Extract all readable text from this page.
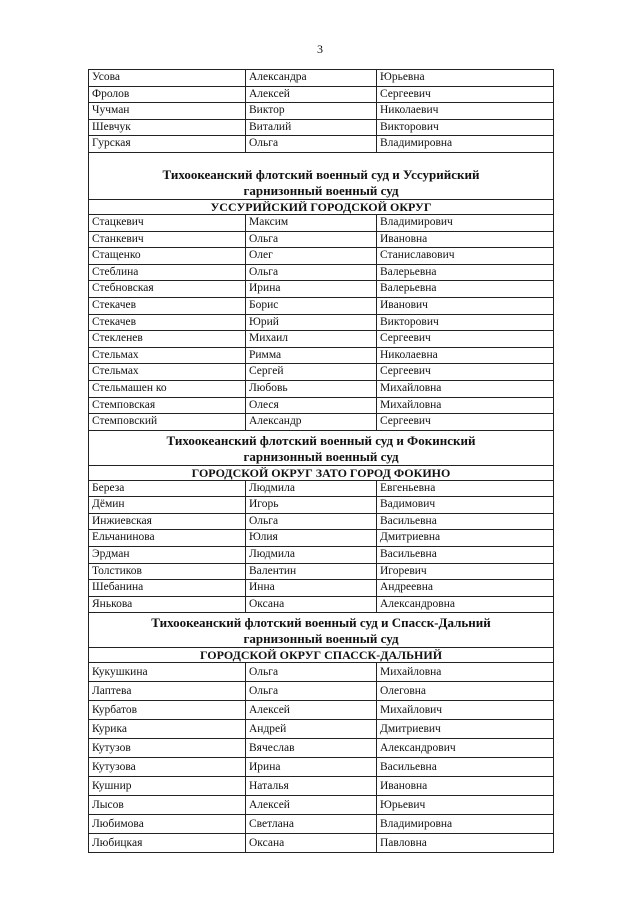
3
Усова	Александра	Юрьевна
Фролов	Алексей	Сергеевич
Чучман	Виктор	Николаевич
Шевчук	Виталий	Викторович
Гурская	Ольга	Владимировна
Тихоокеанский флотский военный суд и Уссурийский
гарнизонный военный суд
УССУРИЙСКИЙ ГОРОДСКОЙ ОКРУГ
Стацкевич	Максим	Владимирович
Станкевич	Ольга	Ивановна
Стащенко	Олег	Станиславович
Стеблина	Ольга	Валерьевна
Стебновская	Ирина	Валерьевна
Стекачев	Борис	Иванович
Стекачев	Юрий	Викторович
Стекленев	Михаил	Сергеевич
Стельмах	Римма	Николаевна
Стельмах	Сергей	Сергеевич
Стельмашен ко	Любовь	Михайловна
Стемповская	Олеся	Михайловна
Стемповский	Александр	Сергеевич
Тихоокеанский флотский военный суд и Фокинский
гарнизонный военный суд
ГОРОДСКОЙ ОКРУГ ЗАТО ГОРОД ФОКИНО
Береза	Людмила	Евгеньевна
Дёмин	Игорь	Вадимович
Инжиевская	Ольга	Васильевна
Ельчанинова	Юлия	Дмитриевна
Эрдман	Людмила	Васильевна
Толстиков	Валентин	Игоревич
Шебанина	Инна	Андреевна
Янькова	Оксана	Александровна
Тихоокеанский флотский военный суд и Спасск-Дальний
гарнизонный военный суд
ГОРОДСКОЙ ОКРУГ СПАССК-ДАЛЬНИЙ
Кукушкина	Ольга	Михайловна
Лаптева	Ольга	Олеговна
Курбатов	Алексей	Михайлович
Курика	Андрей	Дмитриевич
Кутузов	Вячеслав	Александрович
Кутузова	Ирина	Васильевна
Кушнир	Наталья	Ивановна
Лысов	Алексей	Юрьевич
Любимова	Светлана	Владимировна
Любицкая	Оксана	Павловна
